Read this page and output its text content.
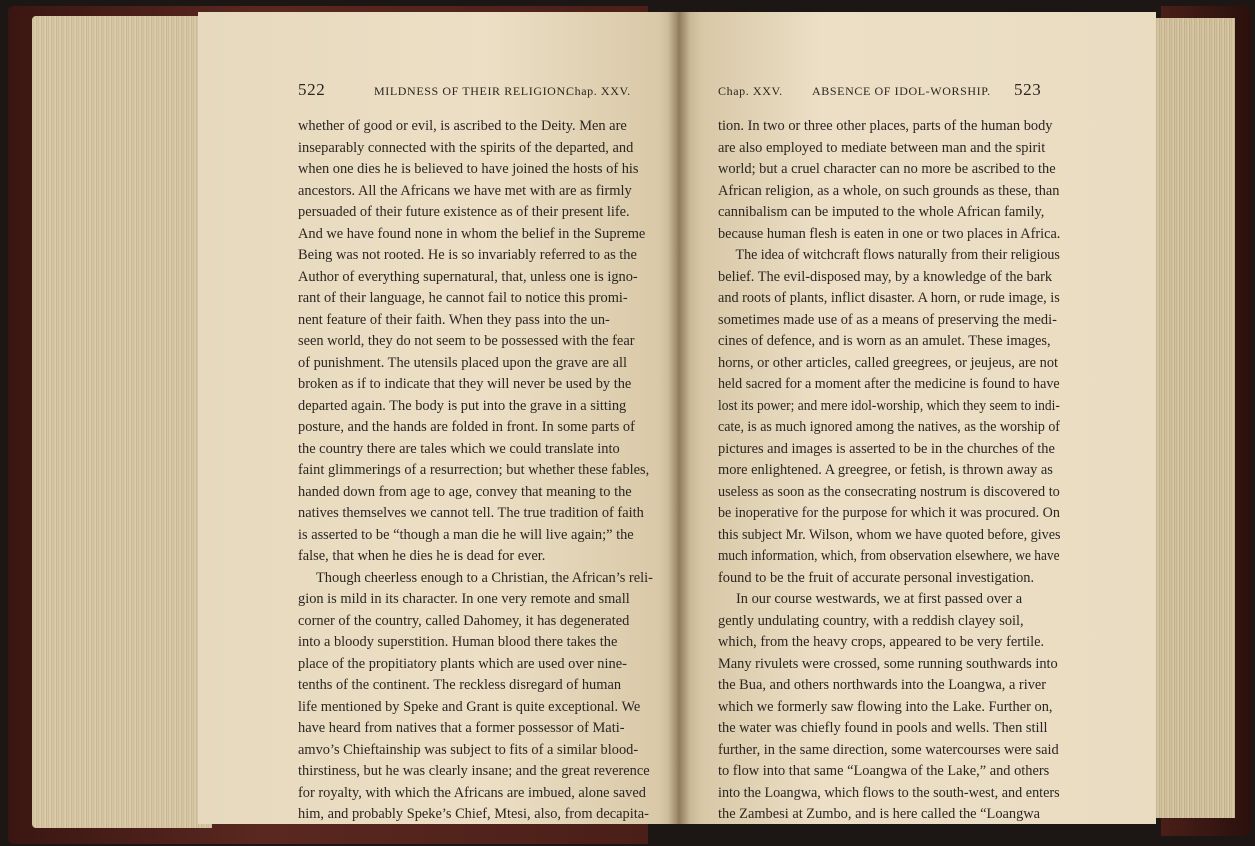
522	MILDNESS OF THEIR RELIGION.
Chap. XXV.	Chap. XXV. ABSENCE OF IDOL-WORSHIP. 523
whether of good or evil, is ascribed to the Deity. Men are
inseparably connected with the spirits of the departed, and
when one dies he is believed to have joined the hosts of his
ancestors. All the Africans we have met with are as firmly
persuaded of their future existence as of their present life.
And we have found none in whom the belief in the Supreme
Being was not rooted. He is so invariably referred to as the
Author of everything supernatural, that, unless one is igno-
rant of their language, he cannot fail to notice this promi-
nent feature of their faith. When they pass into the un-
seen world, they do not seem to be possessed with the fear
of punishment. The utensils placed upon the grave are all
broken as if to indicate that they will never be used by the
departed again. The body is put into the grave in a sitting
posture, and the hands are folded in front. In some parts of
the country there are tales which we could translate into
faint glimmerings of a resurrection; but whether these fables,
handed down from age to age, convey that meaning to the
natives themselves we cannot tell. The true tradition of faith
is asserted to be “though a man die he will live again;” the
false, that when he dies he is dead for ever.
Though cheerless enough to a Christian, the African’s reli-
gion is mild in its character. In one very remote and small
corner of the country, called Dahomey, it has degenerated
into a bloody superstition. Human blood there takes the
place of the propitiatory plants which are used over nine-
tenths of the continent. The reckless disregard of human
life mentioned by Speke and Grant is quite exceptional. We
have heard from natives that a former possessor of Mati-
amvo’s Chieftainship was subject to fits of a similar blood-
thirstiness, but he was clearly insane; and the great reverence
for royalty, with which the Africans are imbued, alone saved
him, and probably Speke’s Chief, Mtesi, also, from decapita-
tion. In two or three other places, parts of the human body
are also employed to mediate between man and the spirit
world; but a cruel character can no more be ascribed to the
African religion, as a whole, on such grounds as these, than
cannibalism can be imputed to the whole African family,
because human flesh is eaten in one or two places in Africa.
The idea of witchcraft flows naturally from their religious
belief. The evil-disposed may, by a knowledge of the bark
and roots of plants, inflict disaster. A horn, or rude image, is
sometimes made use of as a means of preserving the medi-
cines of defence, and is worn as an amulet. These images,
horns, or other articles, called greegrees, or jeujeus, are not
held sacred for a moment after the medicine is found to have
lost its power; and mere idol-worship, which they seem to indi-
cate, is as much ignored among the natives, as the worship of
pictures and images is asserted to be in the churches of the
more enlightened. A greegree, or fetish, is thrown away as
useless as soon as the consecrating nostrum is discovered to
be inoperative for the purpose for which it was procured. On
this subject Mr. Wilson, whom we have quoted before, gives
much information, which, from observation elsewhere, we have
found to be the fruit of accurate personal investigation.
In our course westwards, we at first passed over a
gently undulating country, with a reddish clayey soil,
which, from the heavy crops, appeared to be very fertile.
Many rivulets were crossed, some running southwards into
the Bua, and others northwards into the Loangwa, a river
which we formerly saw flowing into the Lake. Further on,
the water was chiefly found in pools and wells. Then still
further, in the same direction, some watercourses were said
to flow into that same “Loangwa of the Lake,” and others
into the Loangwa, which flows to the south-west, and enters
the Zambesi at Zumbo, and is here called the “Loangwa
